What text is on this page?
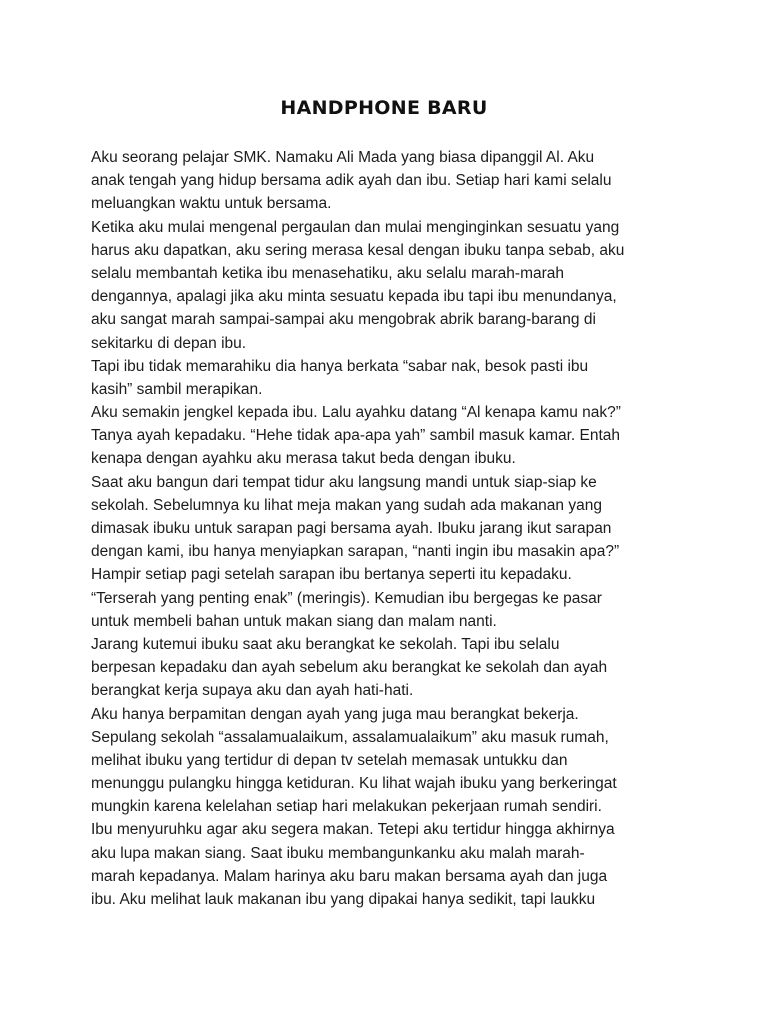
HANDPHONE BARU
Aku seorang pelajar SMK. Namaku Ali Mada yang biasa dipanggil Al. Aku
anak tengah yang hidup bersama adik ayah dan ibu. Setiap hari kami selalu
meluangkan waktu untuk bersama.
Ketika aku mulai mengenal pergaulan dan mulai menginginkan sesuatu yang
harus aku dapatkan, aku sering merasa kesal dengan ibuku tanpa sebab, aku
selalu membantah ketika ibu menasehatiku, aku selalu marah-marah
dengannya, apalagi jika aku minta sesuatu kepada ibu tapi ibu menundanya,
aku sangat marah sampai-sampai aku mengobrak abrik barang-barang di
sekitarku di depan ibu.
Tapi ibu tidak memarahiku dia hanya berkata “sabar nak, besok pasti ibu
kasih” sambil merapikan.
Aku semakin jengkel kepada ibu. Lalu ayahku datang “Al kenapa kamu nak?”
Tanya ayah kepadaku. “Hehe tidak apa-apa yah” sambil masuk kamar. Entah
kenapa dengan ayahku aku merasa takut beda dengan ibuku.
Saat aku bangun dari tempat tidur aku langsung mandi untuk siap-siap ke
sekolah. Sebelumnya ku lihat meja makan yang sudah ada makanan yang
dimasak ibuku untuk sarapan pagi bersama ayah. Ibuku jarang ikut sarapan
dengan kami, ibu hanya menyiapkan sarapan, “nanti ingin ibu masakin apa?”
Hampir setiap pagi setelah sarapan ibu bertanya seperti itu kepadaku.
“Terserah yang penting enak” (meringis). Kemudian ibu bergegas ke pasar
untuk membeli bahan untuk makan siang dan malam nanti.
Jarang kutemui ibuku saat aku berangkat ke sekolah. Tapi ibu selalu
berpesan kepadaku dan ayah sebelum aku berangkat ke sekolah dan ayah
berangkat kerja supaya aku dan ayah hati-hati.
Aku hanya berpamitan dengan ayah yang juga mau berangkat bekerja.
Sepulang sekolah “assalamualaikum, assalamualaikum” aku masuk rumah,
melihat ibuku yang tertidur di depan tv setelah memasak untukku dan
menunggu pulangku hingga ketiduran. Ku lihat wajah ibuku yang berkeringat
mungkin karena kelelahan setiap hari melakukan pekerjaan rumah sendiri.
Ibu menyuruhku agar aku segera makan. Tetepi aku tertidur hingga akhirnya
aku lupa makan siang. Saat ibuku membangunkanku aku malah marah-
marah kepadanya. Malam harinya aku baru makan bersama ayah dan juga
ibu. Aku melihat lauk makanan ibu yang dipakai hanya sedikit, tapi laukku
